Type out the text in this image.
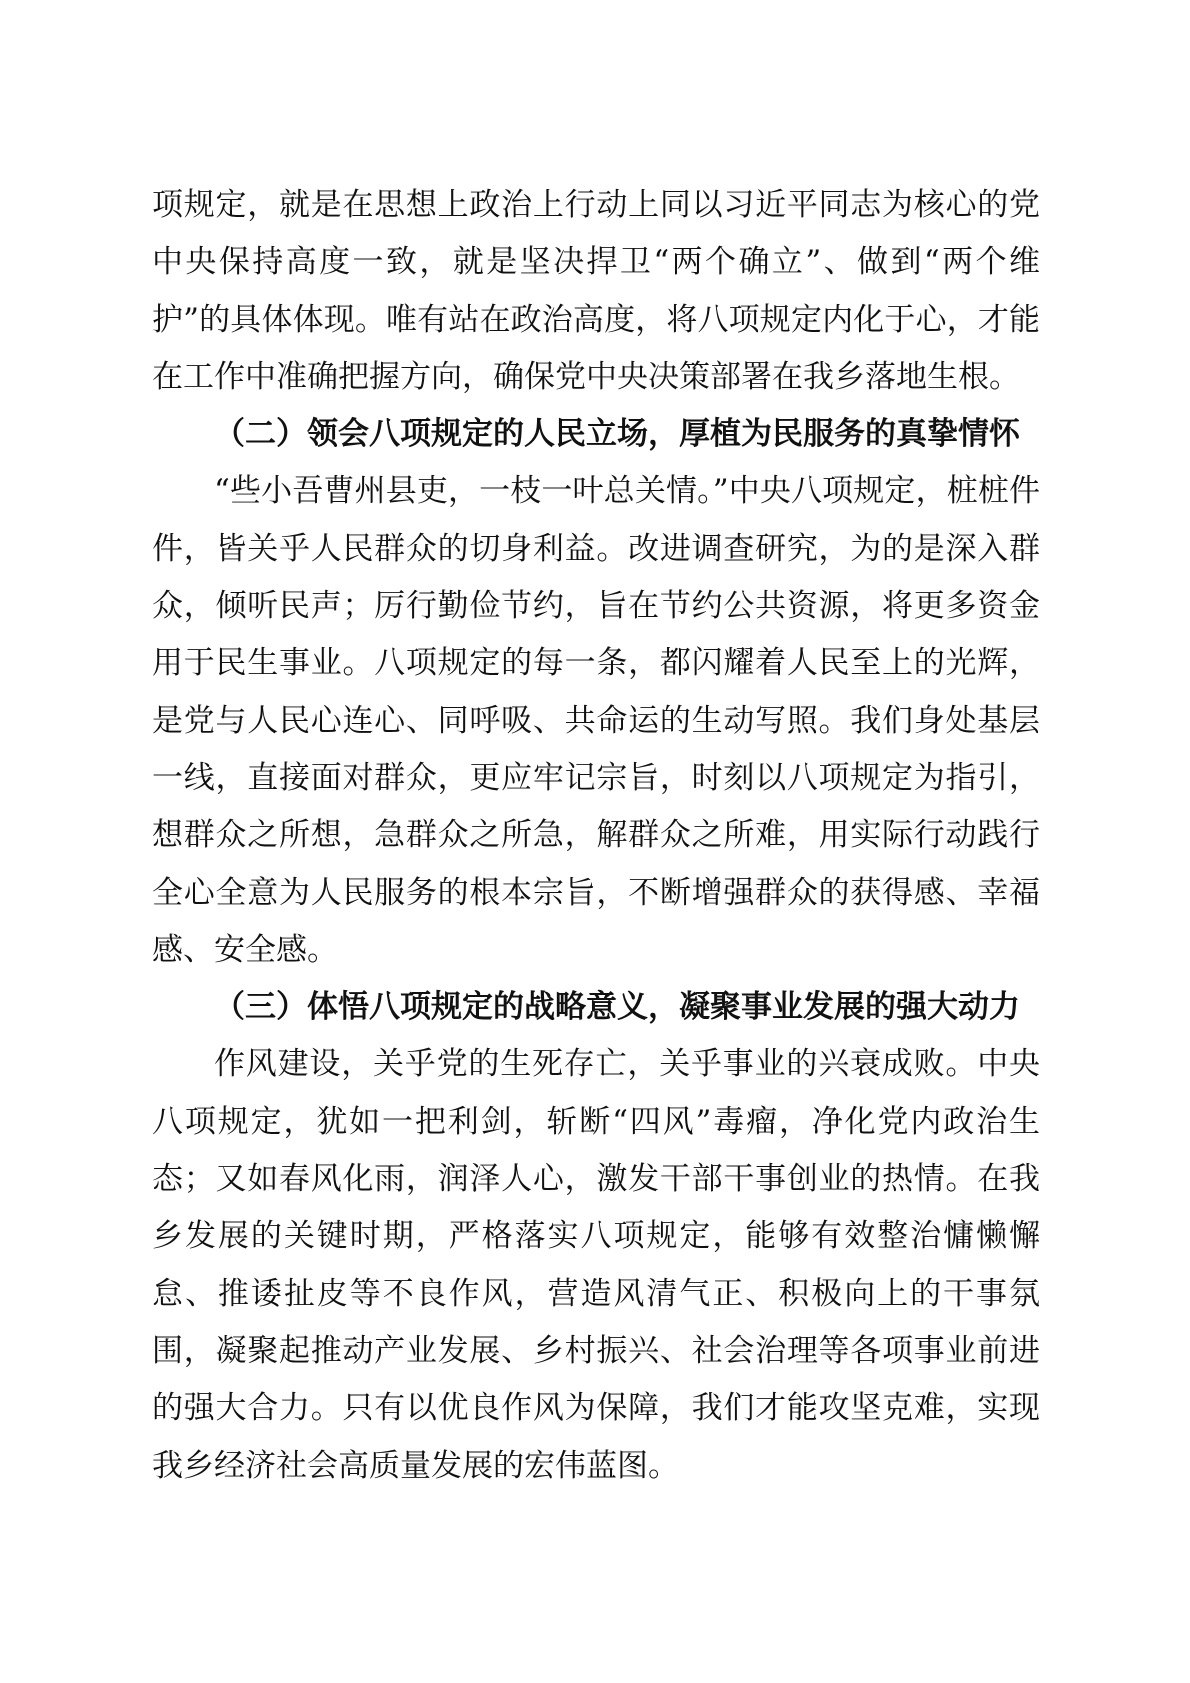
项规定，就是在思想上政治上行动上同以习近平同志为核心的党中央保持高度一致，就是坚决捍卫“两个确立”、做到“两个维护”的具体体现。唯有站在政治高度，将八项规定内化于心，才能在工作中准确把握方向，确保党中央决策部署在我乡落地生根。

（二）领会八项规定的人民立场，厚植为民服务的真挚情怀

“些小吾曹州县吏，一枝一叶总关情。”中央八项规定，桩桩件件，皆关乎人民群众的切身利益。改进调查研究，为的是深入群众，倾听民声；厉行勤俭节约，旨在节约公共资源，将更多资金用于民生事业。八项规定的每一条，都闪耀着人民至上的光辉，是党与人民心连心、同呼吸、共命运的生动写照。我们身处基层一线，直接面对群众，更应牢记宗旨，时刻以八项规定为指引，想群众之所想，急群众之所急，解群众之所难，用实际行动践行全心全意为人民服务的根本宗旨，不断增强群众的获得感、幸福感、安全感。

（三）体悟八项规定的战略意义，凝聚事业发展的强大动力

作风建设，关乎党的生死存亡，关乎事业的兴衰成败。中央八项规定，犹如一把利剑，斩断“四风”毒瘤，净化党内政治生态；又如春风化雨，润泽人心，激发干部干事创业的热情。在我乡发展的关键时期，严格落实八项规定，能够有效整治慵懒懈怠、推诿扯皮等不良作风，营造风清气正、积极向上的干事氛围，凝聚起推动产业发展、乡村振兴、社会治理等各项事业前进的强大合力。只有以优良作风为保障，我们才能攻坚克难，实现我乡经济社会高质量发展的宏伟蓝图。
